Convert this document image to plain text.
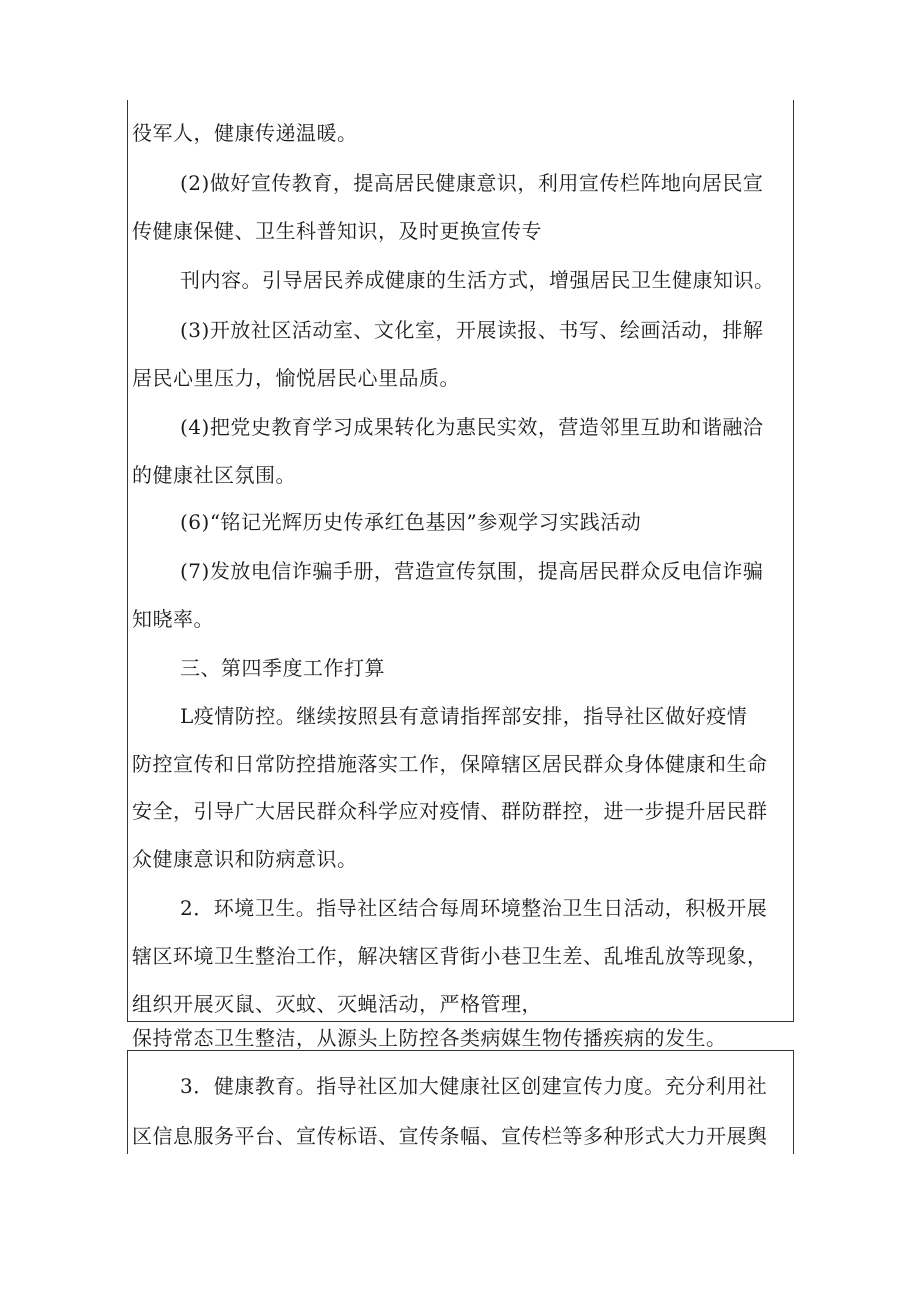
役军人，健康传递温暖。
(2)做好宣传教育，提高居民健康意识，利用宣传栏阵地向居民宣
传健康保健、卫生科普知识，及时更换宣传专
刊内容。引导居民养成健康的生活方式，增强居民卫生健康知识。
(3)开放社区活动室、文化室，开展读报、书写、绘画活动，排解
居民心里压力，愉悦居民心里品质。
(4)把党史教育学习成果转化为惠民实效，营造邻里互助和谐融洽
的健康社区氛围。
(6)“铭记光辉历史传承红色基因”参观学习实践活动
(7)发放电信诈骗手册，营造宣传氛围，提高居民群众反电信诈骗
知晓率。
三、第四季度工作打算
L疫情防控。继续按照县有意请指挥部安排，指导社区做好疫情
防控宣传和日常防控措施落实工作，保障辖区居民群众身体健康和生命
安全，引导广大居民群众科学应对疫情、群防群控，进一步提升居民群
众健康意识和防病意识。
2．环境卫生。指导社区结合每周环境整治卫生日活动，积极开展
辖区环境卫生整治工作，解决辖区背街小巷卫生差、乱堆乱放等现象，
组织开展灭鼠、灭蚊、灭蝇活动，严格管理，
保持常态卫生整洁，从源头上防控各类病媒生物传播疾病的发生。
3．健康教育。指导社区加大健康社区创建宣传力度。充分利用社
区信息服务平台、宣传标语、宣传条幅、宣传栏等多种形式大力开展舆
